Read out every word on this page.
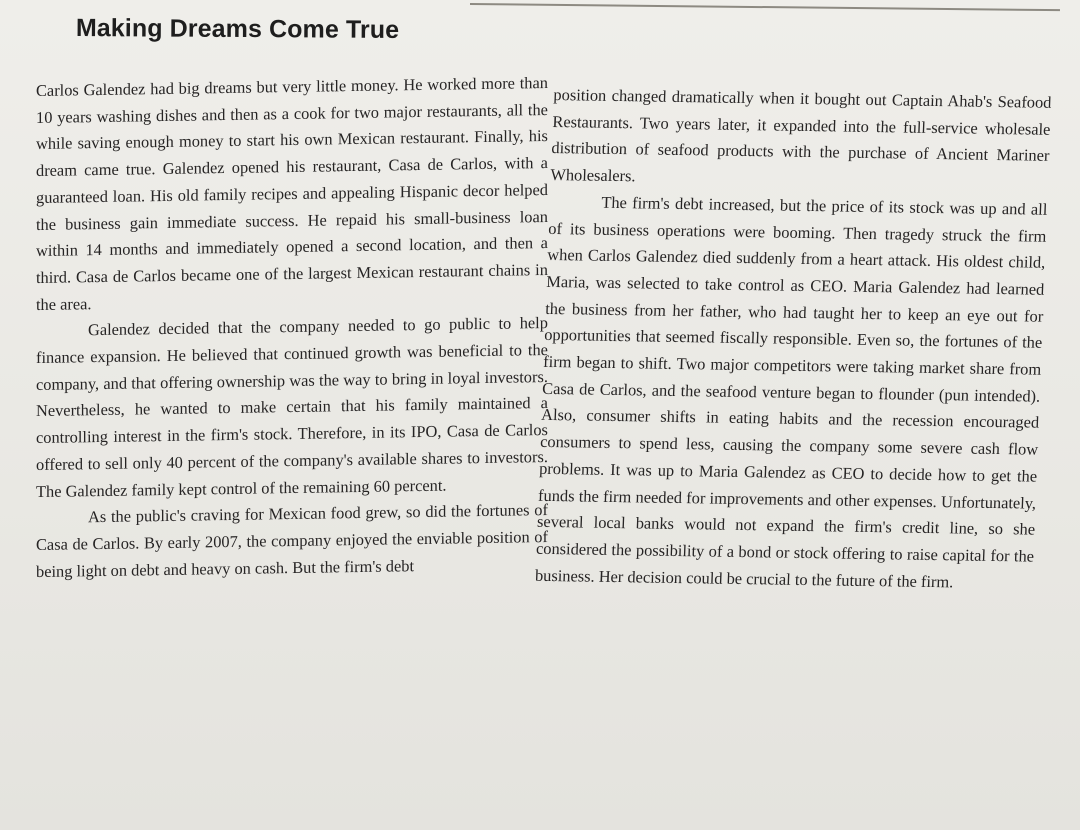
Making Dreams Come True

Carlos Galendez had big dreams but very little money. He worked more than 10 years washing dishes and then as a cook for two major restaurants, all the while saving enough money to start his own Mexican restaurant. Finally, his dream came true. Galendez opened his restaurant, Casa de Carlos, with a guaranteed loan. His old family recipes and appealing Hispanic decor helped the business gain immediate success. He repaid his small-business loan within 14 months and immediately opened a second location, and then a third. Casa de Carlos became one of the largest Mexican restaurant chains in the area.

Galendez decided that the company needed to go public to help finance expansion. He believed that continued growth was beneficial to the company, and that offering ownership was the way to bring in loyal investors. Nevertheless, he wanted to make certain that his family maintained a controlling interest in the firm's stock. Therefore, in its IPO, Casa de Carlos offered to sell only 40 percent of the company's available shares to investors. The Galendez family kept control of the remaining 60 percent.

As the public's craving for Mexican food grew, so did the fortunes of Casa de Carlos. By early 2007, the company enjoyed the enviable position of being light on debt and heavy on cash. But the firm's debt

position changed dramatically when it bought out Captain Ahab's Seafood Restaurants. Two years later, it expanded into the full-service wholesale distribution of seafood products with the purchase of Ancient Mariner Wholesalers.

The firm's debt increased, but the price of its stock was up and all of its business operations were booming. Then tragedy struck the firm when Carlos Galendez died suddenly from a heart attack. His oldest child, Maria, was selected to take control as CEO. Maria Galendez had learned the business from her father, who had taught her to keep an eye out for opportunities that seemed fiscally responsible. Even so, the fortunes of the firm began to shift. Two major competitors were taking market share from Casa de Carlos, and the seafood venture began to flounder (pun intended). Also, consumer shifts in eating habits and the recession encouraged consumers to spend less, causing the company some severe cash flow problems. It was up to Maria Galendez as CEO to decide how to get the funds the firm needed for improvements and other expenses. Unfortunately, several local banks would not expand the firm's credit line, so she considered the possibility of a bond or stock offering to raise capital for the business. Her decision could be crucial to the future of the firm.
